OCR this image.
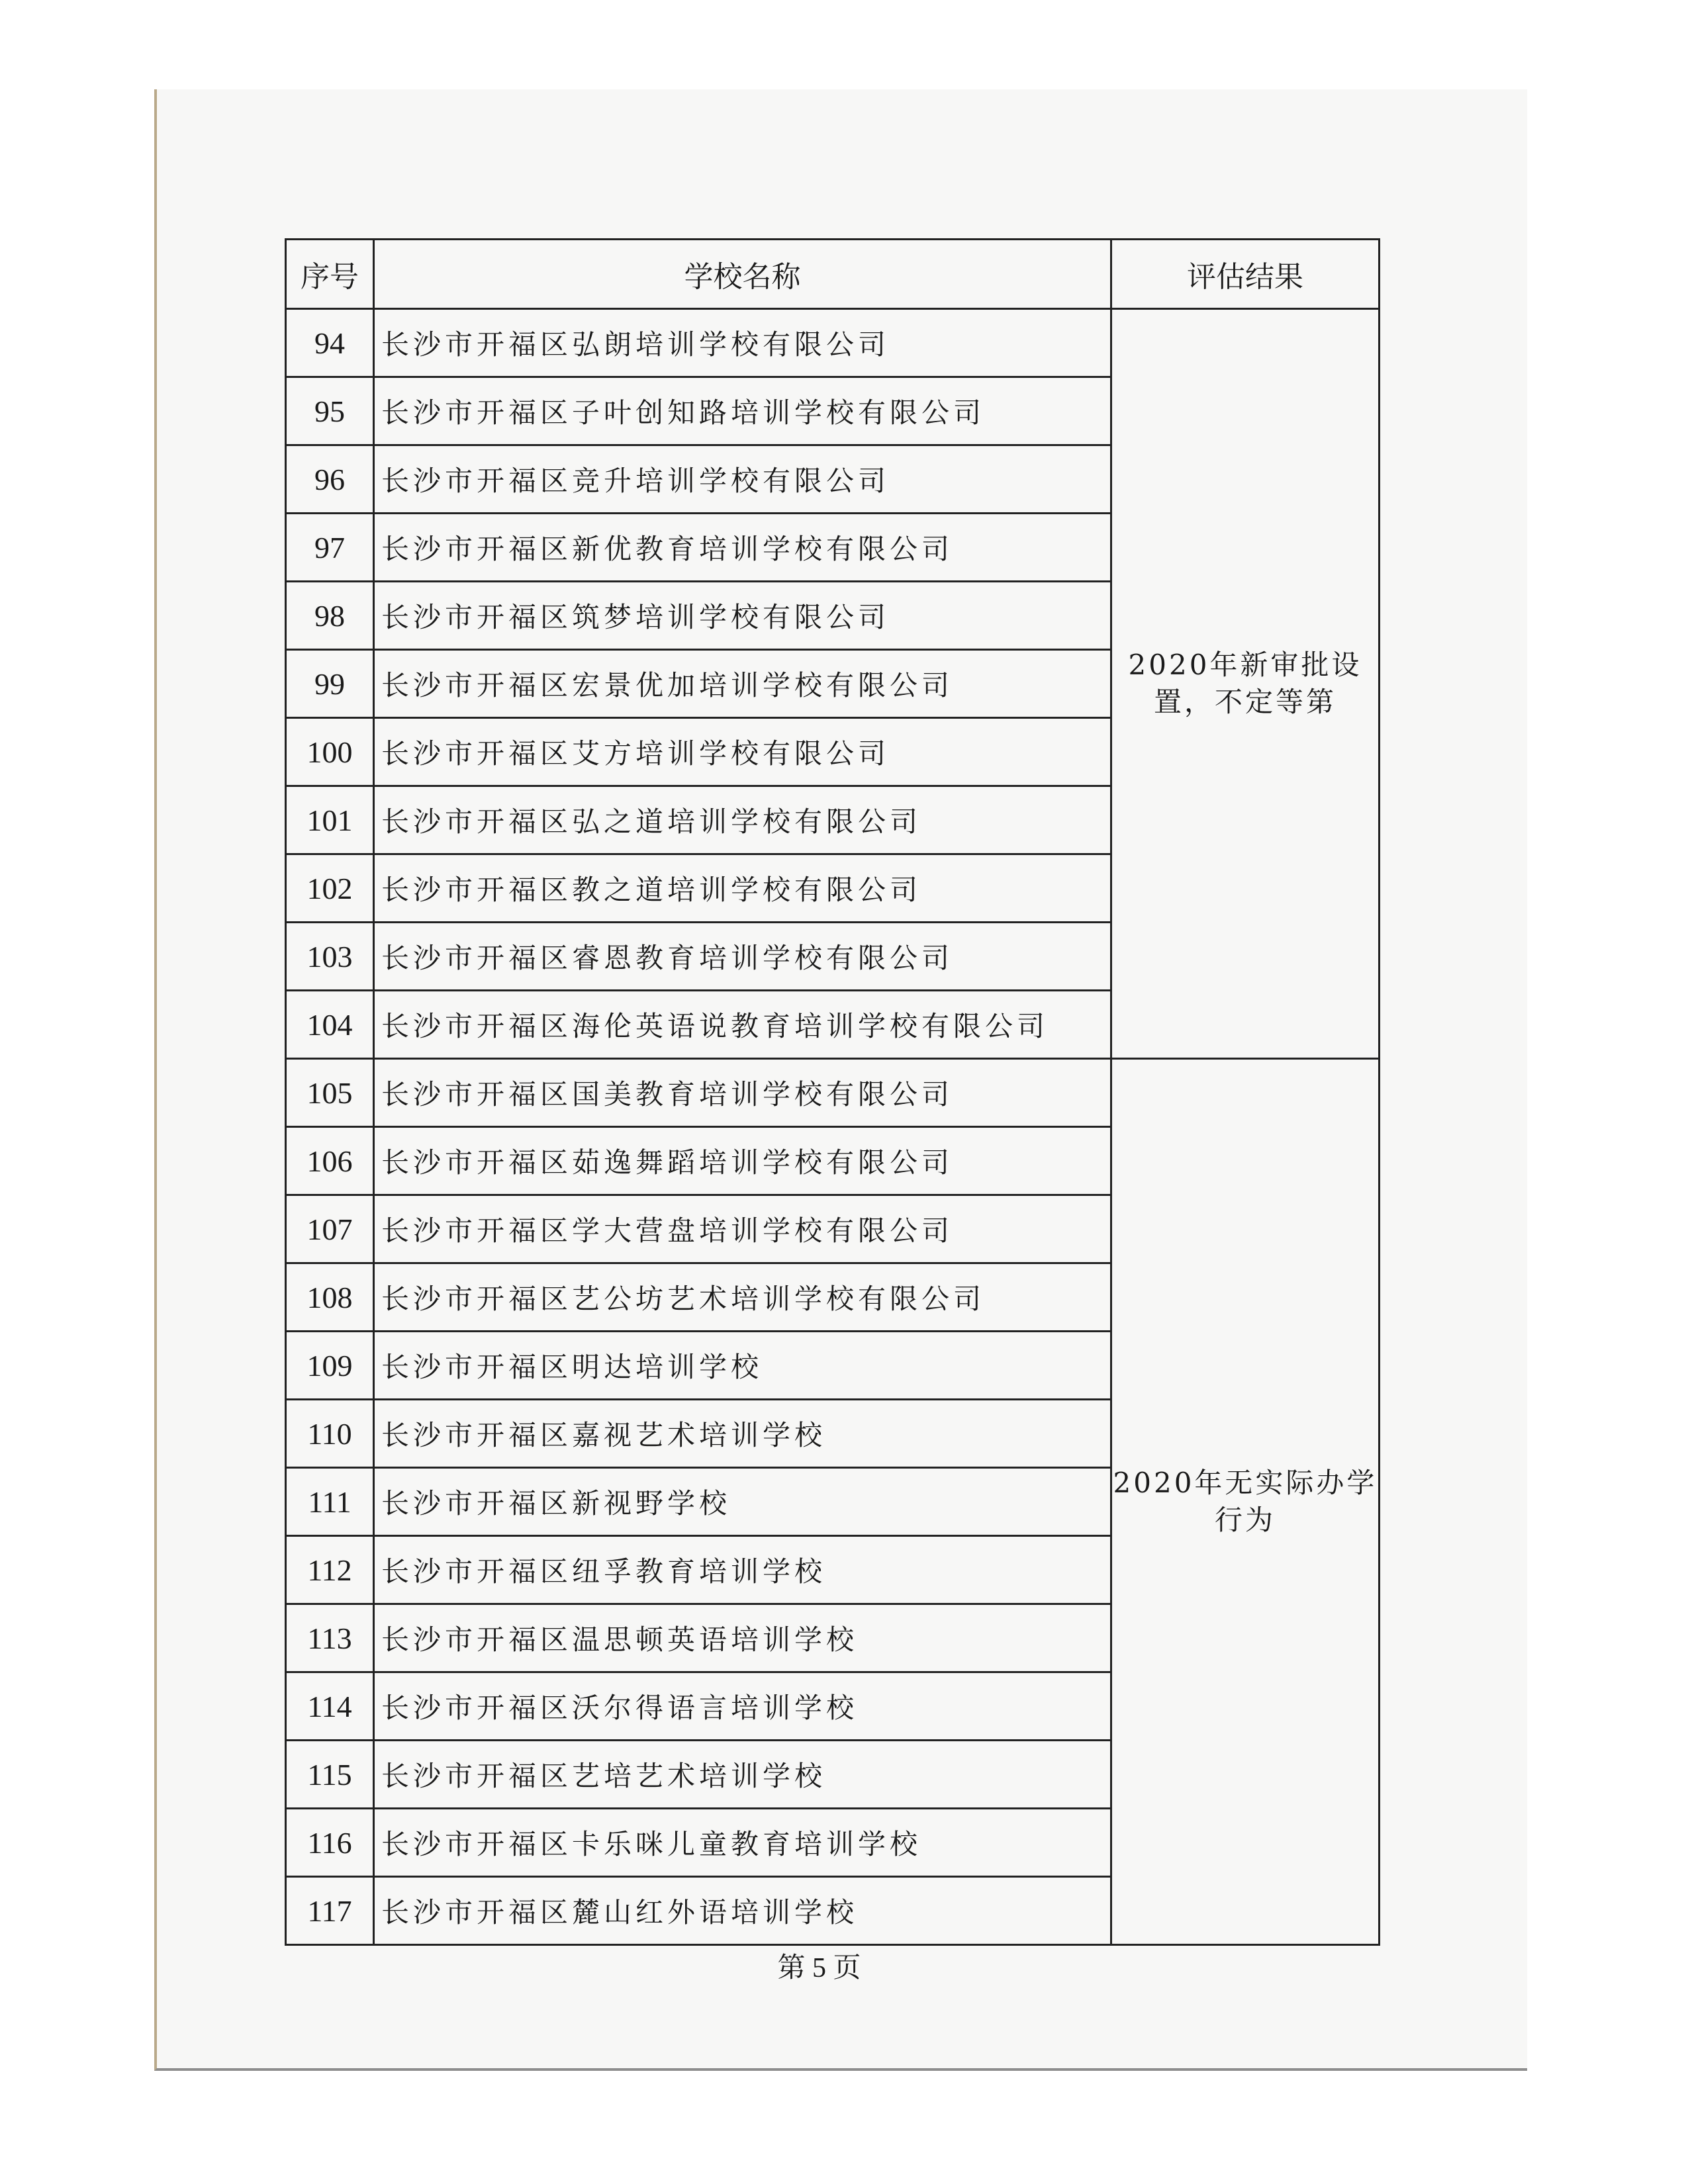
序号	学校名称	评估结果
94	长沙市开福区弘朗培训学校有限公司	2020年新审批设置，不定等第
95	长沙市开福区子叶创知路培训学校有限公司	
96	长沙市开福区竞升培训学校有限公司	
97	长沙市开福区新优教育培训学校有限公司	
98	长沙市开福区筑梦培训学校有限公司	
99	长沙市开福区宏景优加培训学校有限公司	
100	长沙市开福区艾方培训学校有限公司	
101	长沙市开福区弘之道培训学校有限公司	
102	长沙市开福区教之道培训学校有限公司	
103	长沙市开福区睿恩教育培训学校有限公司	
104	长沙市开福区海伦英语说教育培训学校有限公司	
105	长沙市开福区国美教育培训学校有限公司	2020年无实际办学行为
106	长沙市开福区茹逸舞蹈培训学校有限公司	
107	长沙市开福区学大营盘培训学校有限公司	
108	长沙市开福区艺公坊艺术培训学校有限公司	
109	长沙市开福区明达培训学校	
110	长沙市开福区嘉视艺术培训学校	
111	长沙市开福区新视野学校	
112	长沙市开福区纽孚教育培训学校	
113	长沙市开福区温思顿英语培训学校	
114	长沙市开福区沃尔得语言培训学校	
115	长沙市开福区艺培艺术培训学校	
116	长沙市开福区卡乐咪儿童教育培训学校	
117	长沙市开福区麓山红外语培训学校	
第 5 页
